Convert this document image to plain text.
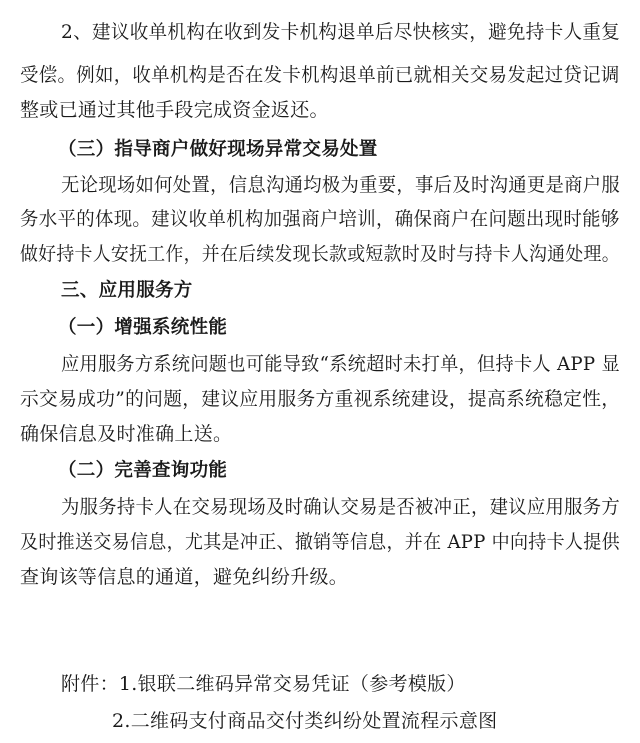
2、建议收单机构在收到发卡机构退单后尽快核实，避免持卡人重复
受偿。例如，收单机构是否在发卡机构退单前已就相关交易发起过贷记调
整或已通过其他手段完成资金返还。
（三）指导商户做好现场异常交易处置
无论现场如何处置，信息沟通均极为重要，事后及时沟通更是商户服
务水平的体现。建议收单机构加强商户培训，确保商户在问题出现时能够
做好持卡人安抚工作，并在后续发现长款或短款时及时与持卡人沟通处理。
三、应用服务方
（一）增强系统性能
应用服务方系统问题也可能导致“系统超时未打单，但持卡人 APP 显
示交易成功”的问题，建议应用服务方重视系统建设，提高系统稳定性，
确保信息及时准确上送。
（二）完善查询功能
为服务持卡人在交易现场及时确认交易是否被冲正，建议应用服务方
及时推送交易信息，尤其是冲正、撤销等信息，并在 APP 中向持卡人提供
查询该等信息的通道，避免纠纷升级。
附件：1.银联二维码异常交易凭证（参考模版）
2.二维码支付商品交付类纠纷处置流程示意图
